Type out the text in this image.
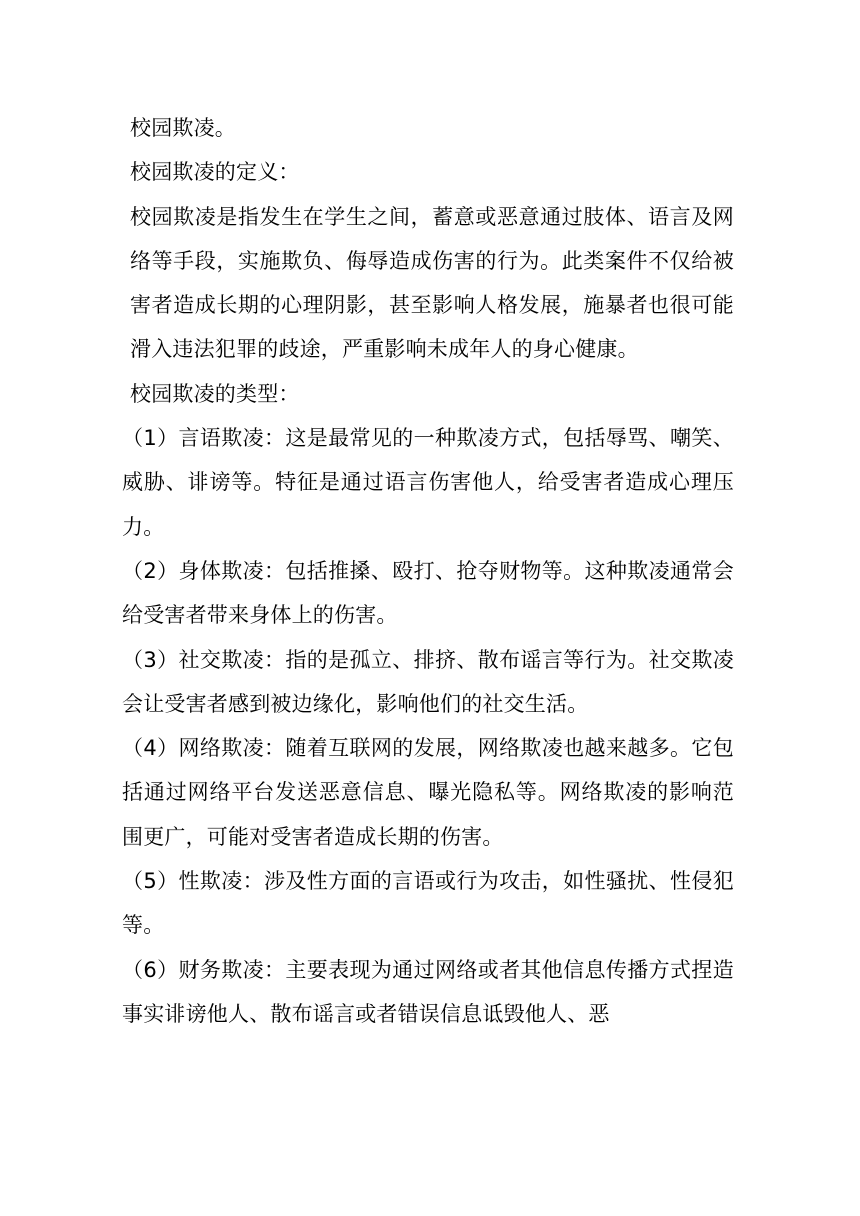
校园欺凌。

校园欺凌的定义：

校园欺凌是指发生在学生之间，蓄意或恶意通过肢体、语言及网络等手段，实施欺负、侮辱造成伤害的行为。此类案件不仅给被害者造成长期的心理阴影，甚至影响人格发展，施暴者也很可能滑入违法犯罪的歧途，严重影响未成年人的身心健康。

校园欺凌的类型：

（1）言语欺凌：这是最常见的一种欺凌方式，包括辱骂、嘲笑、威胁、诽谤等。特征是通过语言伤害他人，给受害者造成心理压力。

（2）身体欺凌：包括推搡、殴打、抢夺财物等。这种欺凌通常会给受害者带来身体上的伤害。

（3）社交欺凌：指的是孤立、排挤、散布谣言等行为。社交欺凌会让受害者感到被边缘化，影响他们的社交生活。

（4）网络欺凌：随着互联网的发展，网络欺凌也越来越多。它包括通过网络平台发送恶意信息、曝光隐私等。网络欺凌的影响范围更广，可能对受害者造成长期的伤害。

（5）性欺凌：涉及性方面的言语或行为攻击，如性骚扰、性侵犯等。

（6）财务欺凌：主要表现为通过网络或者其他信息传播方式捏造事实诽谤他人、散布谣言或者错误信息诋毁他人、恶
